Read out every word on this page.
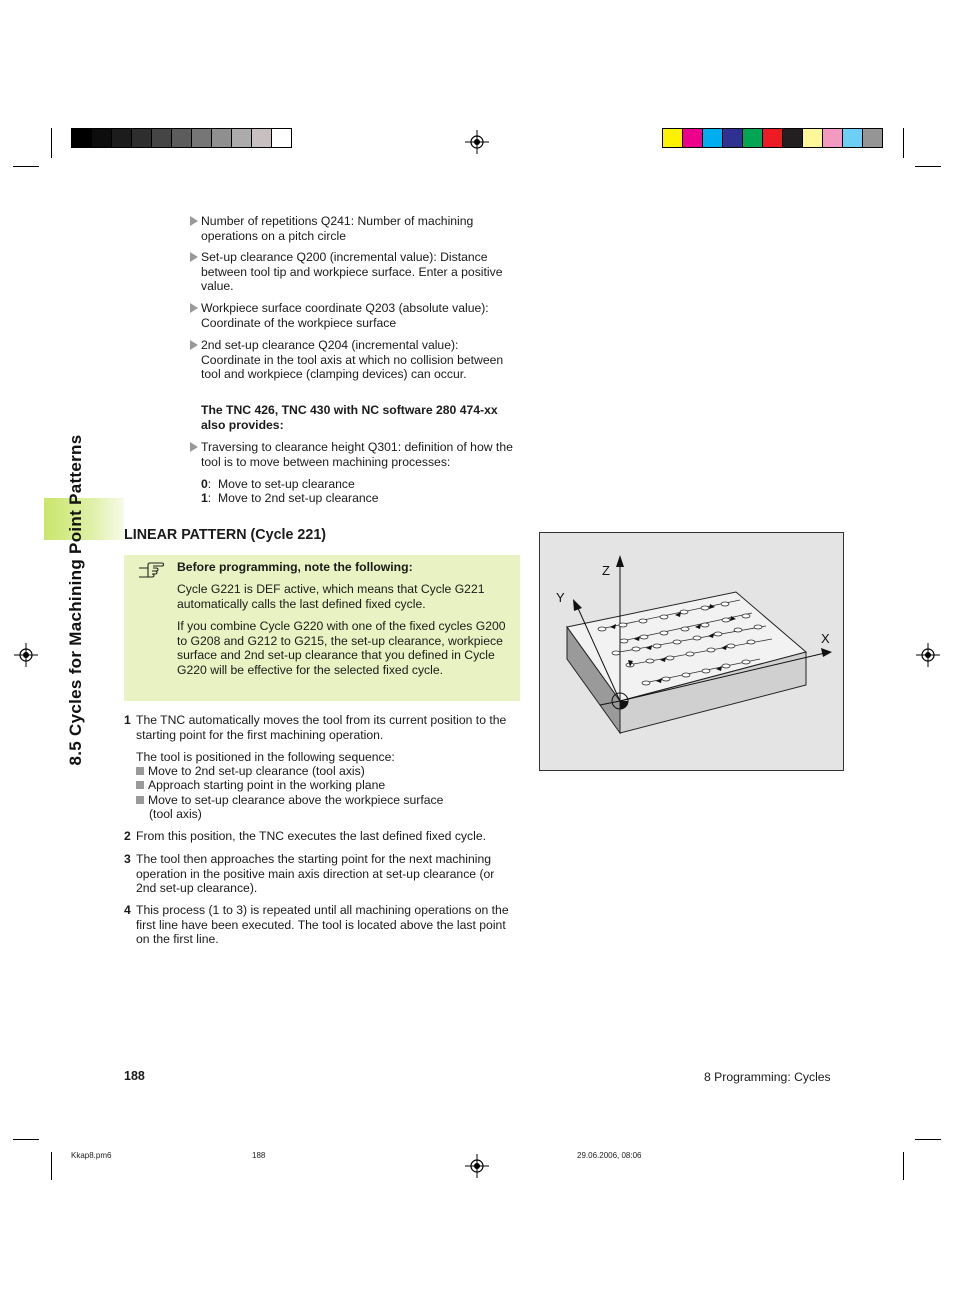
8.5 Cycles for Machining Point Patterns
Number of repetitions Q241: Number of machining operations on a pitch circle
Set-up clearance Q200 (incremental value): Distance between tool tip and workpiece surface. Enter a positive value.
Workpiece surface coordinate Q203 (absolute value): Coordinate of the workpiece surface
2nd set-up clearance Q204 (incremental value): Coordinate in the tool axis at which no collision between tool and workpiece (clamping devices) can occur.
The TNC 426, TNC 430 with NC software 280 474-xx also provides:
Traversing to clearance height Q301: definition of how the tool is to move between machining processes:
0:  Move to set-up clearance
1:  Move to 2nd set-up clearance
LINEAR PATTERN (Cycle 221)
Before programming, note the following:
Cycle G221 is DEF active, which means that Cycle G221 automatically calls the last defined fixed cycle.
If you combine Cycle G220 with one of the fixed cycles G200 to G208 and G212 to G215, the set-up clearance, workpiece surface and 2nd set-up clearance that you defined in Cycle G220 will be effective for the selected fixed cycle.
1 The TNC automatically moves the tool from its current position to the starting point for the first machining operation.
The tool is positioned in the following sequence:
Move to 2nd set-up clearance (tool axis)
Approach starting point in the working plane
Move to set-up clearance above the workpiece surface
(tool axis)
2 From this position, the TNC executes the last defined fixed cycle.
3 The tool then approaches the starting point for the next machining operation in the positive main axis direction at set-up clearance (or 2nd set-up clearance).
4 This process (1 to 3) is repeated until all machining operations on the first line have been executed. The tool is located above the last point on the first line.
Z
Y
X
188	8 Programming: Cycles
Kkap8.pm6	188	29.06.2006, 08:06
